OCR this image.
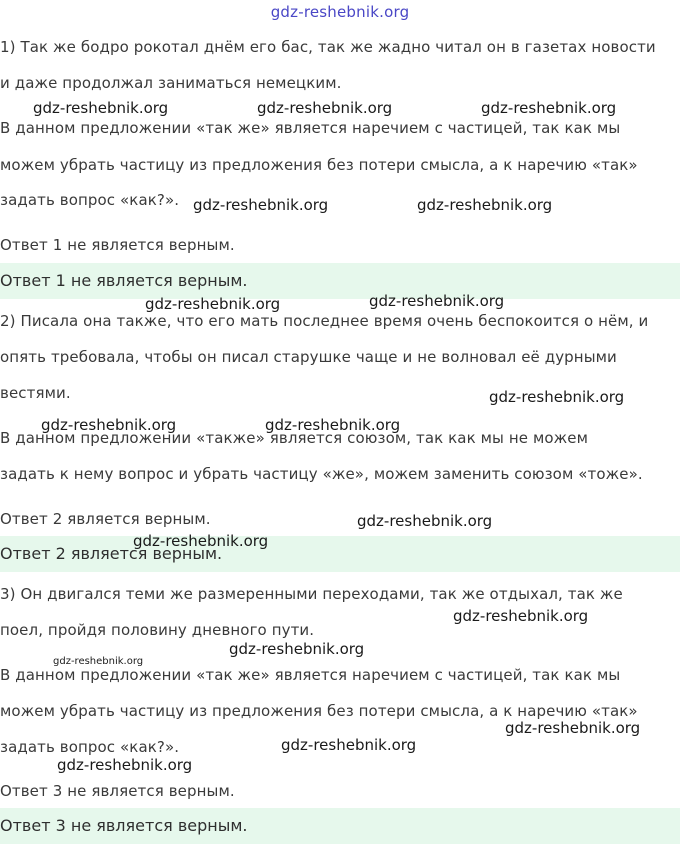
gdz-reshebnik.org
1) Так же бодро рокотал днём его бас, так же жадно читал он в газетах новости
и даже продолжал заниматься немецким.
В данном предложении «так же» является наречием с частицей, так как мы
можем убрать частицу из предложения без потери смысла, а к наречию «так»
задать вопрос «как?».
Ответ 1 не является верным.
Ответ 1 не является верным.
2) Писала она также, что его мать последнее время очень беспокоится о нём, и
опять требовала, чтобы он писал старушке чаще и не волновал её дурными
вестями.
В данном предложении «также» является союзом, так как мы не можем
задать к нему вопрос и убрать частицу «же», можем заменить союзом «тоже».
Ответ 2 является верным.
Ответ 2 является верным.
3) Он двигался теми же размеренными переходами, так же отдыхал, так же
поел, пройдя половину дневного пути.
В данном предложении «так же» является наречием с частицей, так как мы
можем убрать частицу из предложения без потери смысла, а к наречию «так»
задать вопрос «как?».
Ответ 3 не является верным.
Ответ 3 не является верным.
gdz-reshebnik.org	gdz-reshebnik.org	gdz-reshebnik.org
gdz-reshebnik.org	gdz-reshebnik.org
gdz-reshebnik.org	gdz-reshebnik.org
gdz-reshebnik.org
gdz-reshebnik.org	gdz-reshebnik.org
gdz-reshebnik.org
gdz-reshebnik.org
gdz-reshebnik.org
gdz-reshebnik.org
gdz-reshebnik.org
gdz-reshebnik.org
gdz-reshebnik.org
gdz-reshebnik.org
